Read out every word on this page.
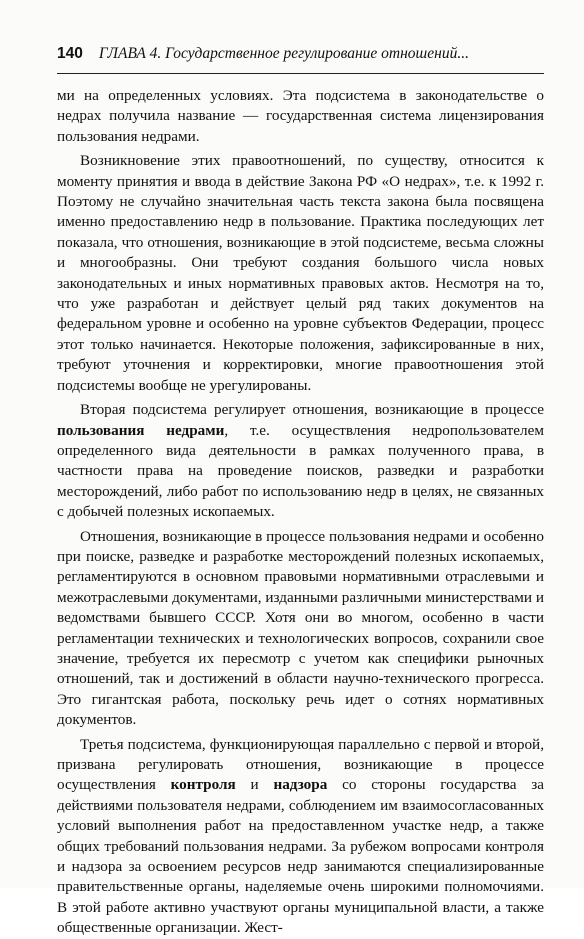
140 ГЛАВА 4. Государственное регулирование отношений...

ми на определенных условиях. Эта подсистема в законодательстве о недрах получила название — государственная система лицензирования пользования недрами.

Возникновение этих правоотношений, по существу, относится к моменту принятия и ввода в действие Закона РФ «О недрах», т.е. к 1992 г. Поэтому не случайно значительная часть текста закона была посвящена именно предоставлению недр в пользование. Практика последующих лет показала, что отношения, возникающие в этой подсистеме, весьма сложны и многообразны. Они требуют создания большого числа новых законодательных и иных нормативных правовых актов. Несмотря на то, что уже разработан и действует целый ряд таких документов на федеральном уровне и особенно на уровне субъектов Федерации, процесс этот только начинается. Некоторые положения, зафиксированные в них, требуют уточнения и корректировки, многие правоотношения этой подсистемы вообще не урегулированы.

Вторая подсистема регулирует отношения, возникающие в процессе пользования недрами, т.е. осуществления недропользователем определенного вида деятельности в рамках полученного права, в частности права на проведение поисков, разведки и разработки месторождений, либо работ по использованию недр в целях, не связанных с добычей полезных ископаемых.

Отношения, возникающие в процессе пользования недрами и особенно при поиске, разведке и разработке месторождений полезных ископаемых, регламентируются в основном правовыми нормативными отраслевыми и межотраслевыми документами, изданными различными министерствами и ведомствами бывшего СССР. Хотя они во многом, особенно в части регламентации технических и технологических вопросов, сохранили свое значение, требуется их пересмотр с учетом как специфики рыночных отношений, так и достижений в области научно-технического прогресса. Это гигантская работа, поскольку речь идет о сотнях нормативных документов.

Третья подсистема, функционирующая параллельно с первой и второй, призвана регулировать отношения, возникающие в процессе осуществления контроля и надзора со стороны государства за действиями пользователя недрами, соблюдением им взаимосогласованных условий выполнения работ на предоставленном участке недр, а также общих требований пользования недрами. За рубежом вопросами контроля и надзора за освоением ресурсов недр занимаются специализированные правительственные органы, наделяемые очень широкими полномочиями. В этой работе активно участвуют органы муниципальной власти, а также общественные организации. Жест-
